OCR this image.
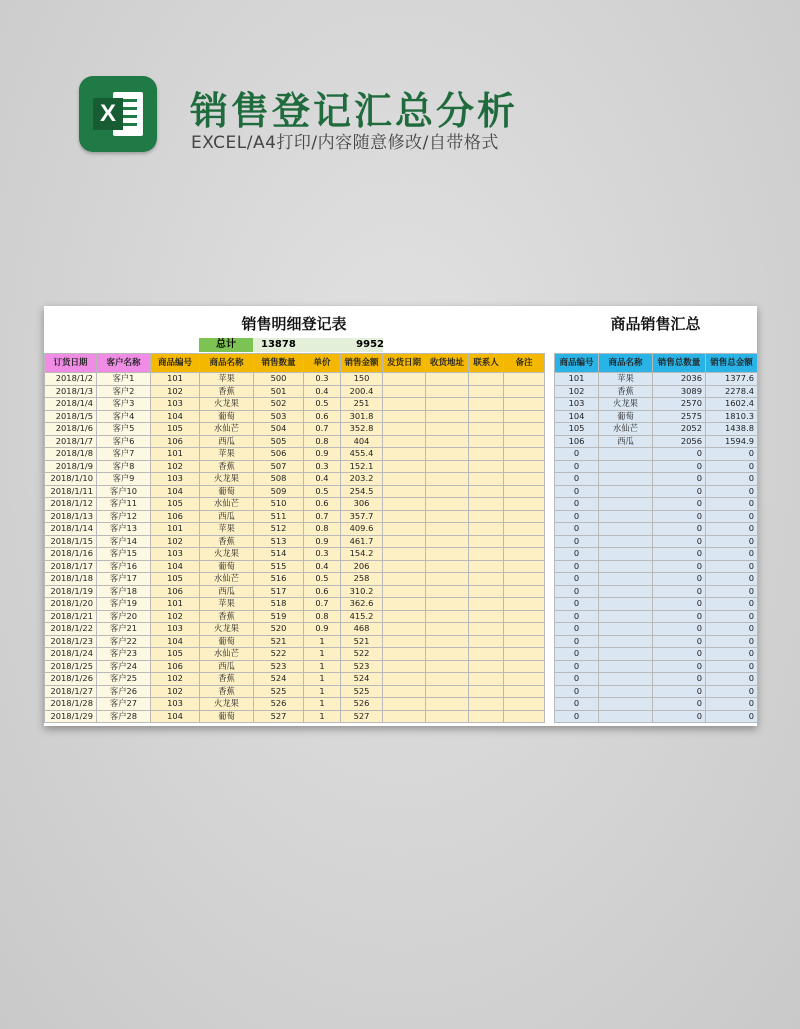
X 销售登记汇总分析
EXCEL/A4打印/内容随意修改/自带格式
销售明细登记表	商品销售汇总
总计	13878	9952
订货日期	客户名称	商品编号	商品名称	销售数量	单价	销售金额	发货日期	收货地址	联系人	备注
2018/1/2	客户1	101	苹果	500	0.3	150				
2018/1/3	客户2	102	香蕉	501	0.4	200.4				
2018/1/4	客户3	103	火龙果	502	0.5	251				
2018/1/5	客户4	104	葡萄	503	0.6	301.8				
2018/1/6	客户5	105	水仙芒	504	0.7	352.8				
2018/1/7	客户6	106	西瓜	505	0.8	404				
2018/1/8	客户7	101	苹果	506	0.9	455.4				
2018/1/9	客户8	102	香蕉	507	0.3	152.1				
2018/1/10	客户9	103	火龙果	508	0.4	203.2				
2018/1/11	客户10	104	葡萄	509	0.5	254.5				
2018/1/12	客户11	105	水仙芒	510	0.6	306				
2018/1/13	客户12	106	西瓜	511	0.7	357.7				
2018/1/14	客户13	101	苹果	512	0.8	409.6				
2018/1/15	客户14	102	香蕉	513	0.9	461.7				
2018/1/16	客户15	103	火龙果	514	0.3	154.2				
2018/1/17	客户16	104	葡萄	515	0.4	206				
2018/1/18	客户17	105	水仙芒	516	0.5	258				
2018/1/19	客户18	106	西瓜	517	0.6	310.2				
2018/1/20	客户19	101	苹果	518	0.7	362.6				
2018/1/21	客户20	102	香蕉	519	0.8	415.2				
2018/1/22	客户21	103	火龙果	520	0.9	468				
2018/1/23	客户22	104	葡萄	521	1	521				
2018/1/24	客户23	105	水仙芒	522	1	522				
2018/1/25	客户24	106	西瓜	523	1	523				
2018/1/26	客户25	102	香蕉	524	1	524				
2018/1/27	客户26	102	香蕉	525	1	525				
2018/1/28	客户27	103	火龙果	526	1	526				
2018/1/29	客户28	104	葡萄	527	1	527				
商品编号	商品名称	销售总数量	销售总金额
101	苹果	2036	1377.6
102	香蕉	3089	2278.4
103	火龙果	2570	1602.4
104	葡萄	2575	1810.3
105	水仙芒	2052	1438.8
106	西瓜	2056	1594.9
0		0	0
0		0	0
0		0	0
0		0	0
0		0	0
0		0	0
0		0	0
0		0	0
0		0	0
0		0	0
0		0	0
0		0	0
0		0	0
0		0	0
0		0	0
0		0	0
0		0	0
0		0	0
0		0	0
0		0	0
0		0	0
0		0	0
